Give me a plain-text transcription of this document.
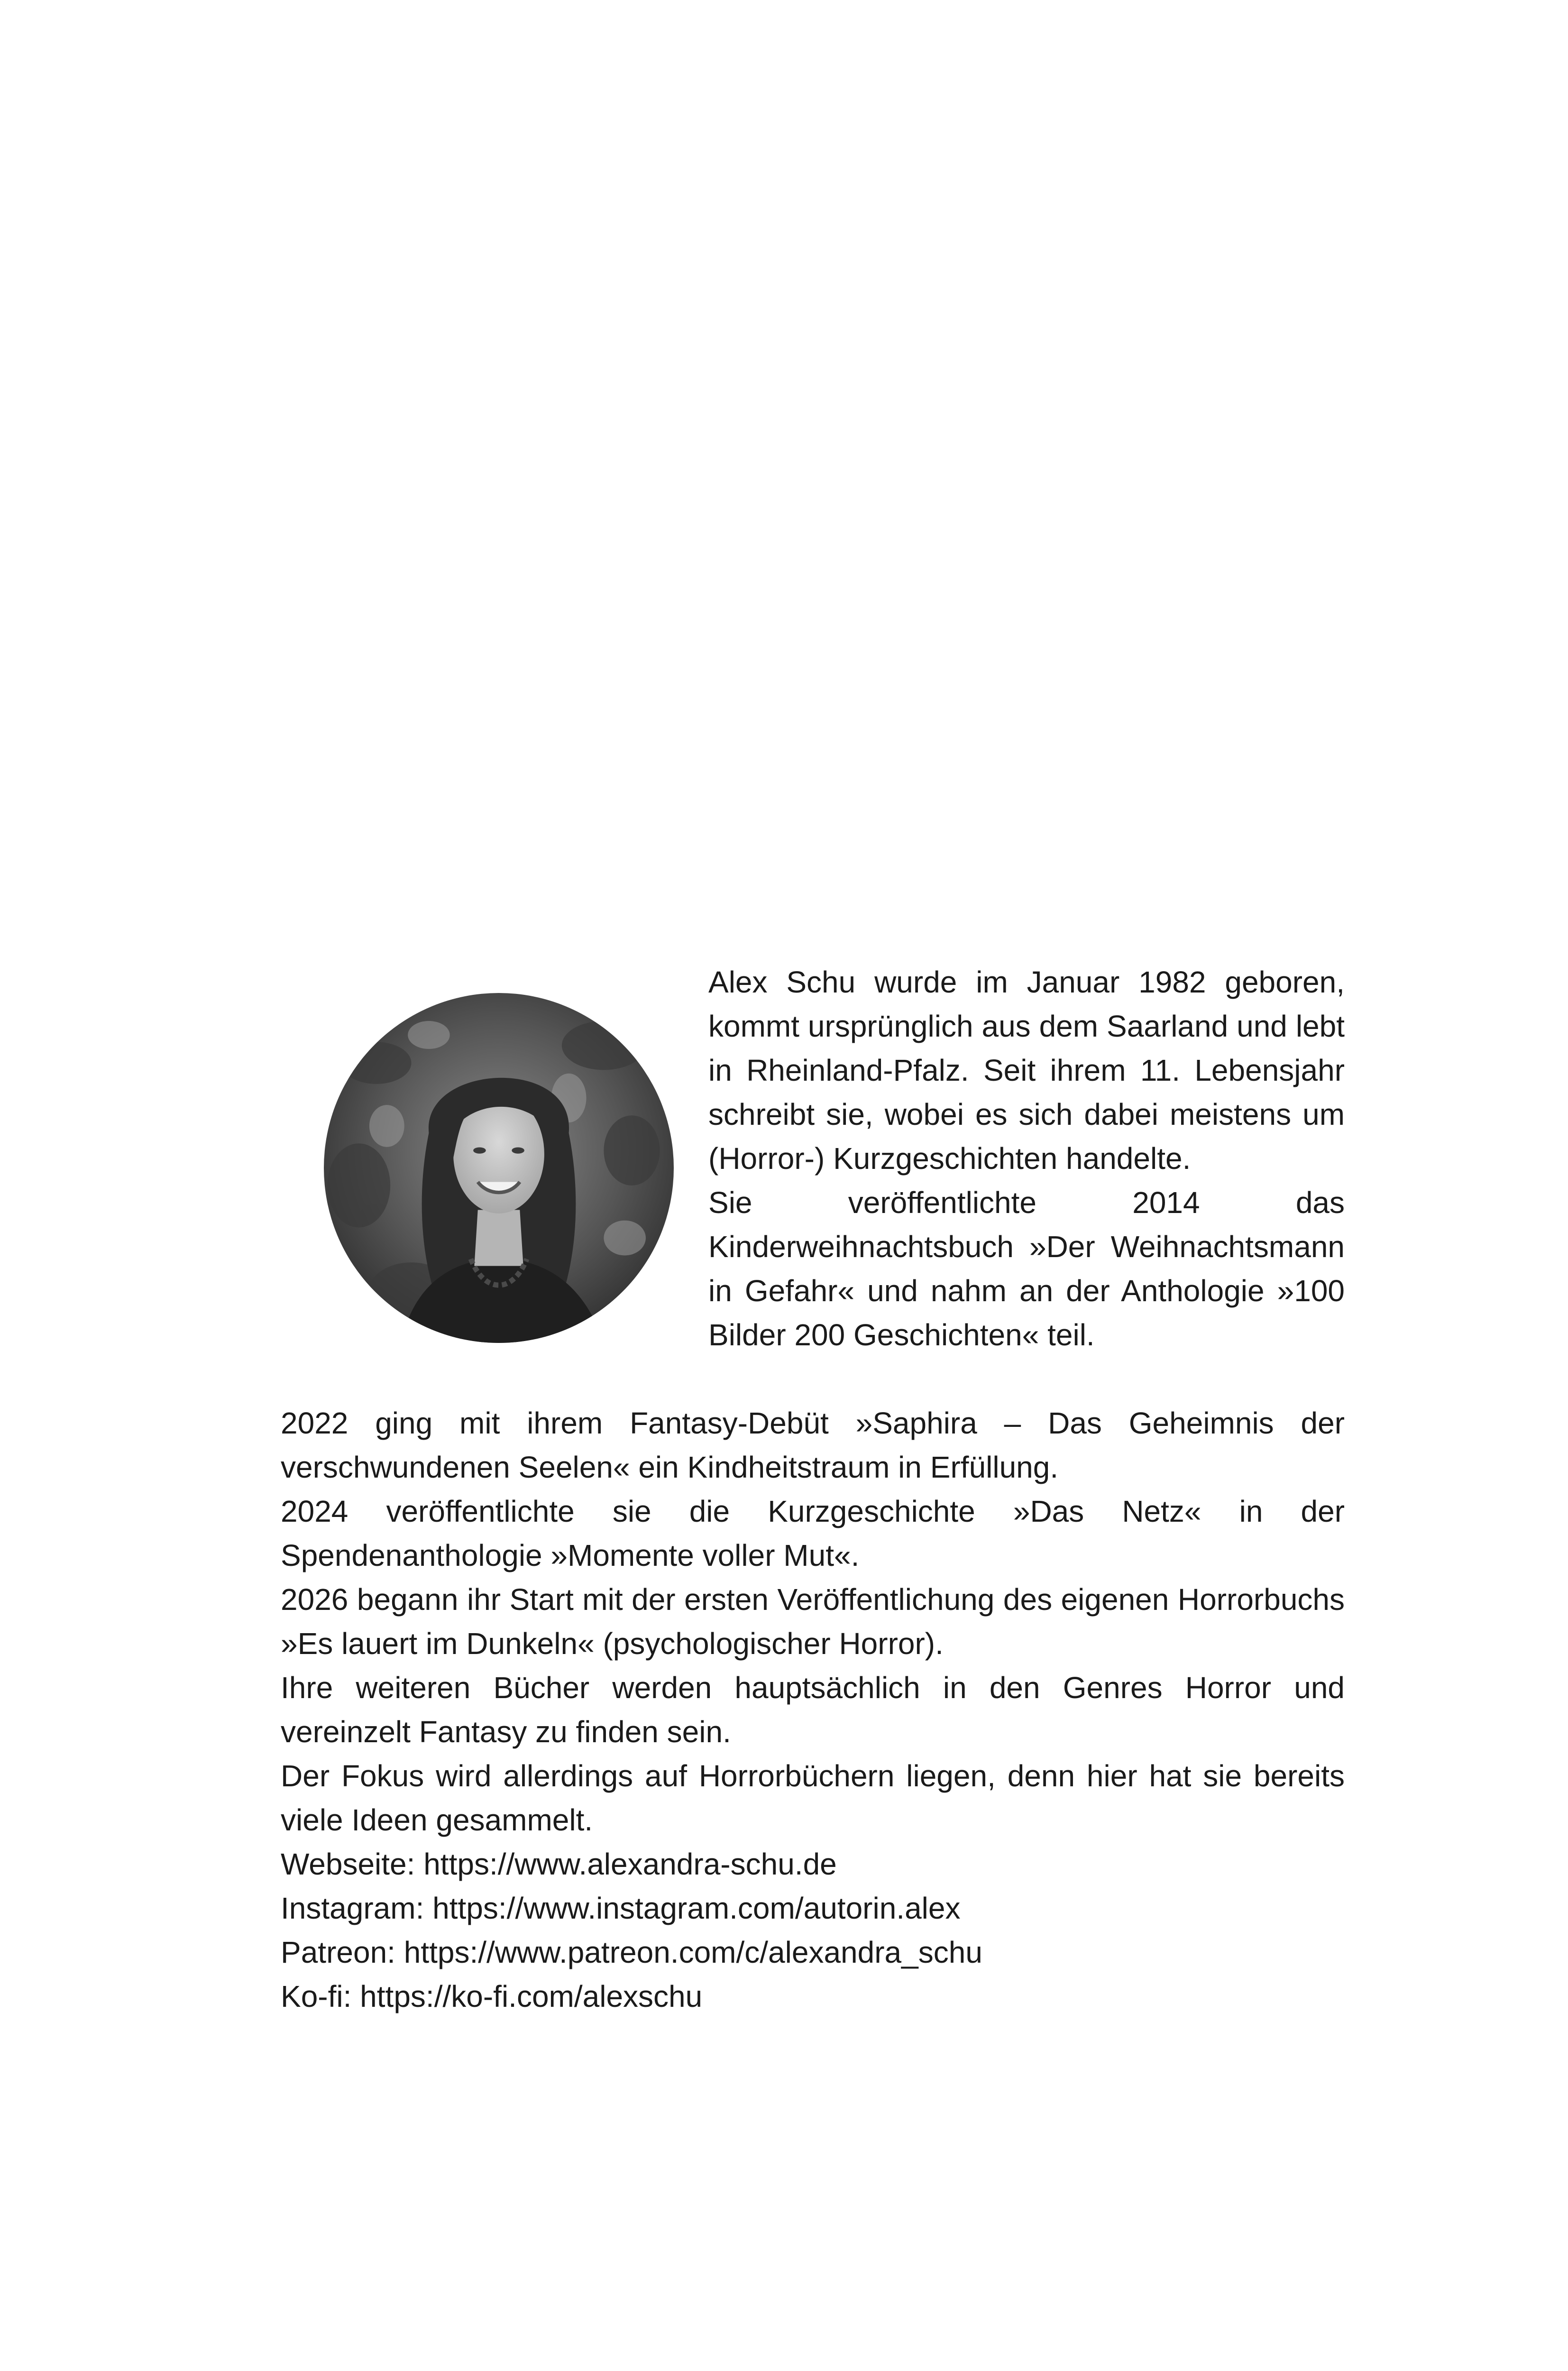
Alex Schu wurde im Januar 1982 geboren, kommt ursprünglich aus dem Saarland und lebt in Rheinland-Pfalz. Seit ihrem 11. Lebensjahr schreibt sie, wobei es sich dabei meistens um (Horror-) Kurzgeschichten handelte.

Sie veröffentlichte 2014 das Kinderweihnachtsbuch »Der Weihnachtsmann in Gefahr« und nahm an der Anthologie »100 Bilder 200 Geschichten« teil.

2022 ging mit ihrem Fantasy-Debüt »Saphira – Das Geheimnis der verschwundenen Seelen« ein Kindheitstraum in Erfüllung.

2024 veröffentlichte sie die Kurzgeschichte »Das Netz« in der Spendenanthologie »Momente voller Mut«.

2026 begann ihr Start mit der ersten Veröffentlichung des eigenen Horrorbuchs »Es lauert im Dunkeln« (psychologischer Horror).

Ihre weiteren Bücher werden hauptsächlich in den Genres Horror und vereinzelt Fantasy zu finden sein.

Der Fokus wird allerdings auf Horrorbüchern liegen, denn hier hat sie bereits viele Ideen gesammelt.

Webseite: https://www.alexandra-schu.de

Instagram: https://www.instagram.com/autorin.alex

Patreon: https://www.patreon.com/c/alexandra_schu

Ko-fi: https://ko-fi.com/alexschu
